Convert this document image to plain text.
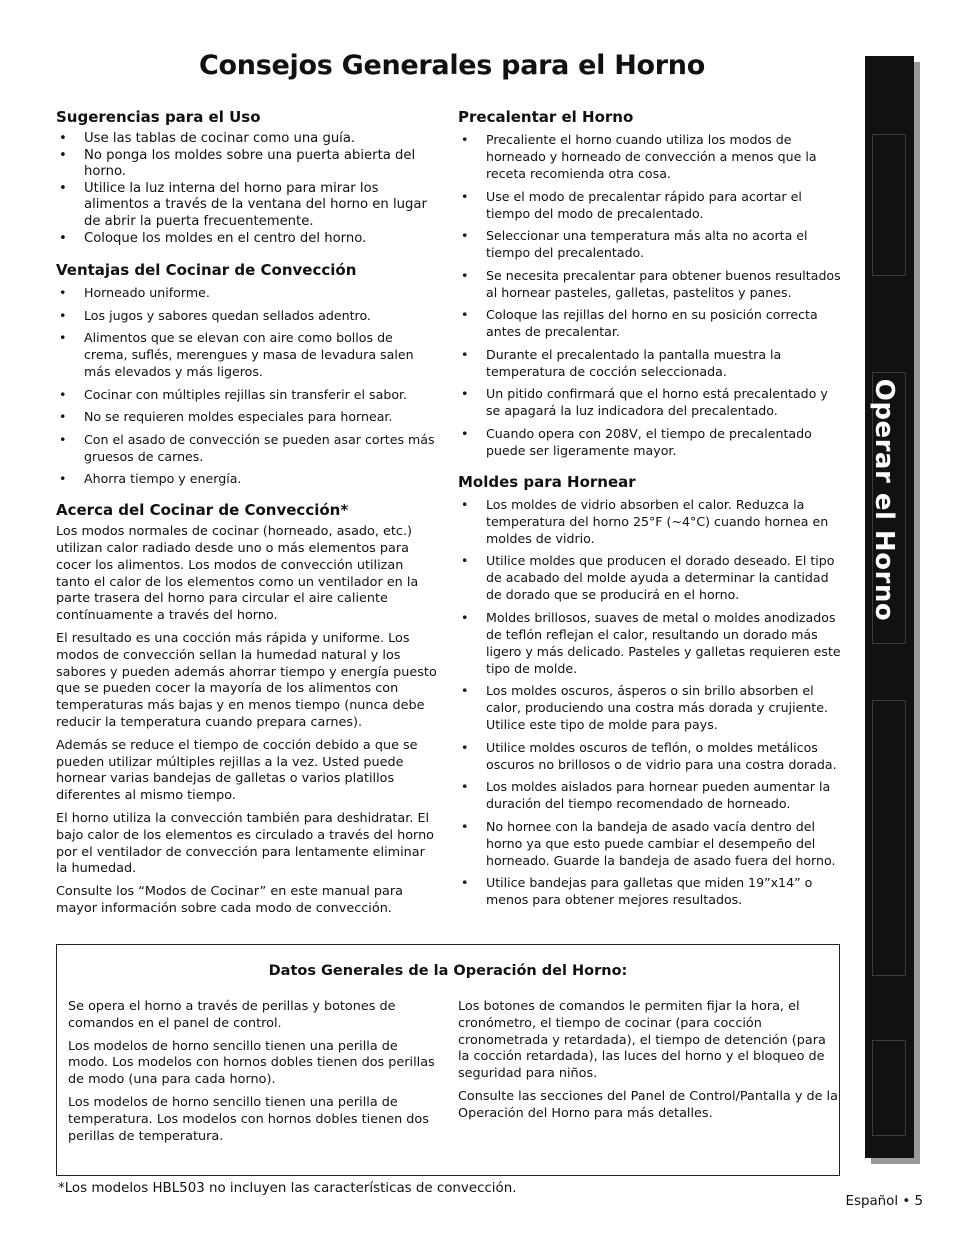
Consejos Generales para el Horno
Sugerencias para el Uso
• Use las tablas de cocinar como una guía.
• No ponga los moldes sobre una puerta abierta del horno.
• Utilice la luz interna del horno para mirar los alimentos a través de la ventana del horno en lugar de abrir la puerta frecuentemente.
• Coloque los moldes en el centro del horno.
Ventajas del Cocinar de Convección
• Horneado uniforme.
• Los jugos y sabores quedan sellados adentro.
• Alimentos que se elevan con aire como bollos de crema, suflés, merengues y masa de levadura salen más elevados y más ligeros.
• Cocinar con múltiples rejillas sin transferir el sabor.
• No se requieren moldes especiales para hornear.
• Con el asado de convección se pueden asar cortes más gruesos de carnes.
• Ahorra tiempo y energía.
Acerca del Cocinar de Convección*

Los modos normales de cocinar (horneado, asado, etc.) utilizan calor radiado desde uno o más elementos para cocer los alimentos. Los modos de convección utilizan tanto el calor de los elementos como un ventilador en la parte trasera del horno para circular el aire caliente contínuamente a través del horno.

El resultado es una cocción más rápida y uniforme. Los modos de convección sellan la humedad natural y los sabores y pueden además ahorrar tiempo y energía puesto que se pueden cocer la mayoría de los alimentos con temperaturas más bajas y en menos tiempo (nunca debe reducir la temperatura cuando prepara carnes).

Además se reduce el tiempo de cocción debido a que se pueden utilizar múltiples rejillas a la vez. Usted puede hornear varias bandejas de galletas o varios platillos diferentes al mismo tiempo.

El horno utiliza la convección también para deshidratar. El bajo calor de los elementos es circulado a través del horno por el ventilador de convección para lentamente eliminar la humedad.

Consulte los “Modos de Cocinar” en este manual para mayor información sobre cada modo de convección.

Precalentar el Horno
• Precaliente el horno cuando utiliza los modos de horneado y horneado de convección a menos que la receta recomienda otra cosa.
• Use el modo de precalentar rápido para acortar el tiempo del modo de precalentado.
• Seleccionar una temperatura más alta no acorta el tiempo del precalentado.
• Se necesita precalentar para obtener buenos resultados al hornear pasteles, galletas, pastelitos y panes.
• Coloque las rejillas del horno en su posición correcta antes de precalentar.
• Durante el precalentado la pantalla muestra la temperatura de cocción seleccionada.
• Un pitido confirmará que el horno está precalentado y se apagará la luz indicadora del precalentado.
• Cuando opera con 208V, el tiempo de precalentado puede ser ligeramente mayor.
Moldes para Hornear
• Los moldes de vidrio absorben el calor. Reduzca la temperatura del horno 25°F (~4°C) cuando hornea en moldes de vidrio.
• Utilice moldes que producen el dorado deseado. El tipo de acabado del molde ayuda a determinar la cantidad de dorado que se producirá en el horno.
• Moldes brillosos, suaves de metal o moldes anodizados de teflón reflejan el calor, resultando un dorado más ligero y más delicado. Pasteles y galletas requieren este tipo de molde.
• Los moldes oscuros, ásperos o sin brillo absorben el calor, produciendo una costra más dorada y crujiente. Utilice este tipo de molde para pays.
• Utilice moldes oscuros de teflón, o moldes metálicos oscuros no brillosos o de vidrio para una costra dorada.
• Los moldes aislados para hornear pueden aumentar la duración del tiempo recomendado de horneado.
• No hornee con la bandeja de asado vacía dentro del horno ya que esto puede cambiar el desempeño del horneado. Guarde la bandeja de asado fuera del horno.
• Utilice bandejas para galletas que miden 19”x14” o menos para obtener mejores resultados.
Datos Generales de la Operación del Horno:

Se opera el horno a través de perillas y botones de comandos en el panel de control.

Los modelos de horno sencillo tienen una perilla de modo. Los modelos con hornos dobles tienen dos perillas de modo (una para cada horno).

Los modelos de horno sencillo tienen una perilla de temperatura. Los modelos con hornos dobles tienen dos perillas de temperatura.

Los botones de comandos le permiten fijar la hora, el cronómetro, el tiempo de cocinar (para cocción cronometrada y retardada), el tiempo de detención (para la cocción retardada), las luces del horno y el bloqueo de seguridad para niños.

Consulte las secciones del Panel de Control/Pantalla y de la Operación del Horno para más detalles.

*Los modelos HBL503 no incluyen las características de convección.
Español • 5
Operar el Horno
